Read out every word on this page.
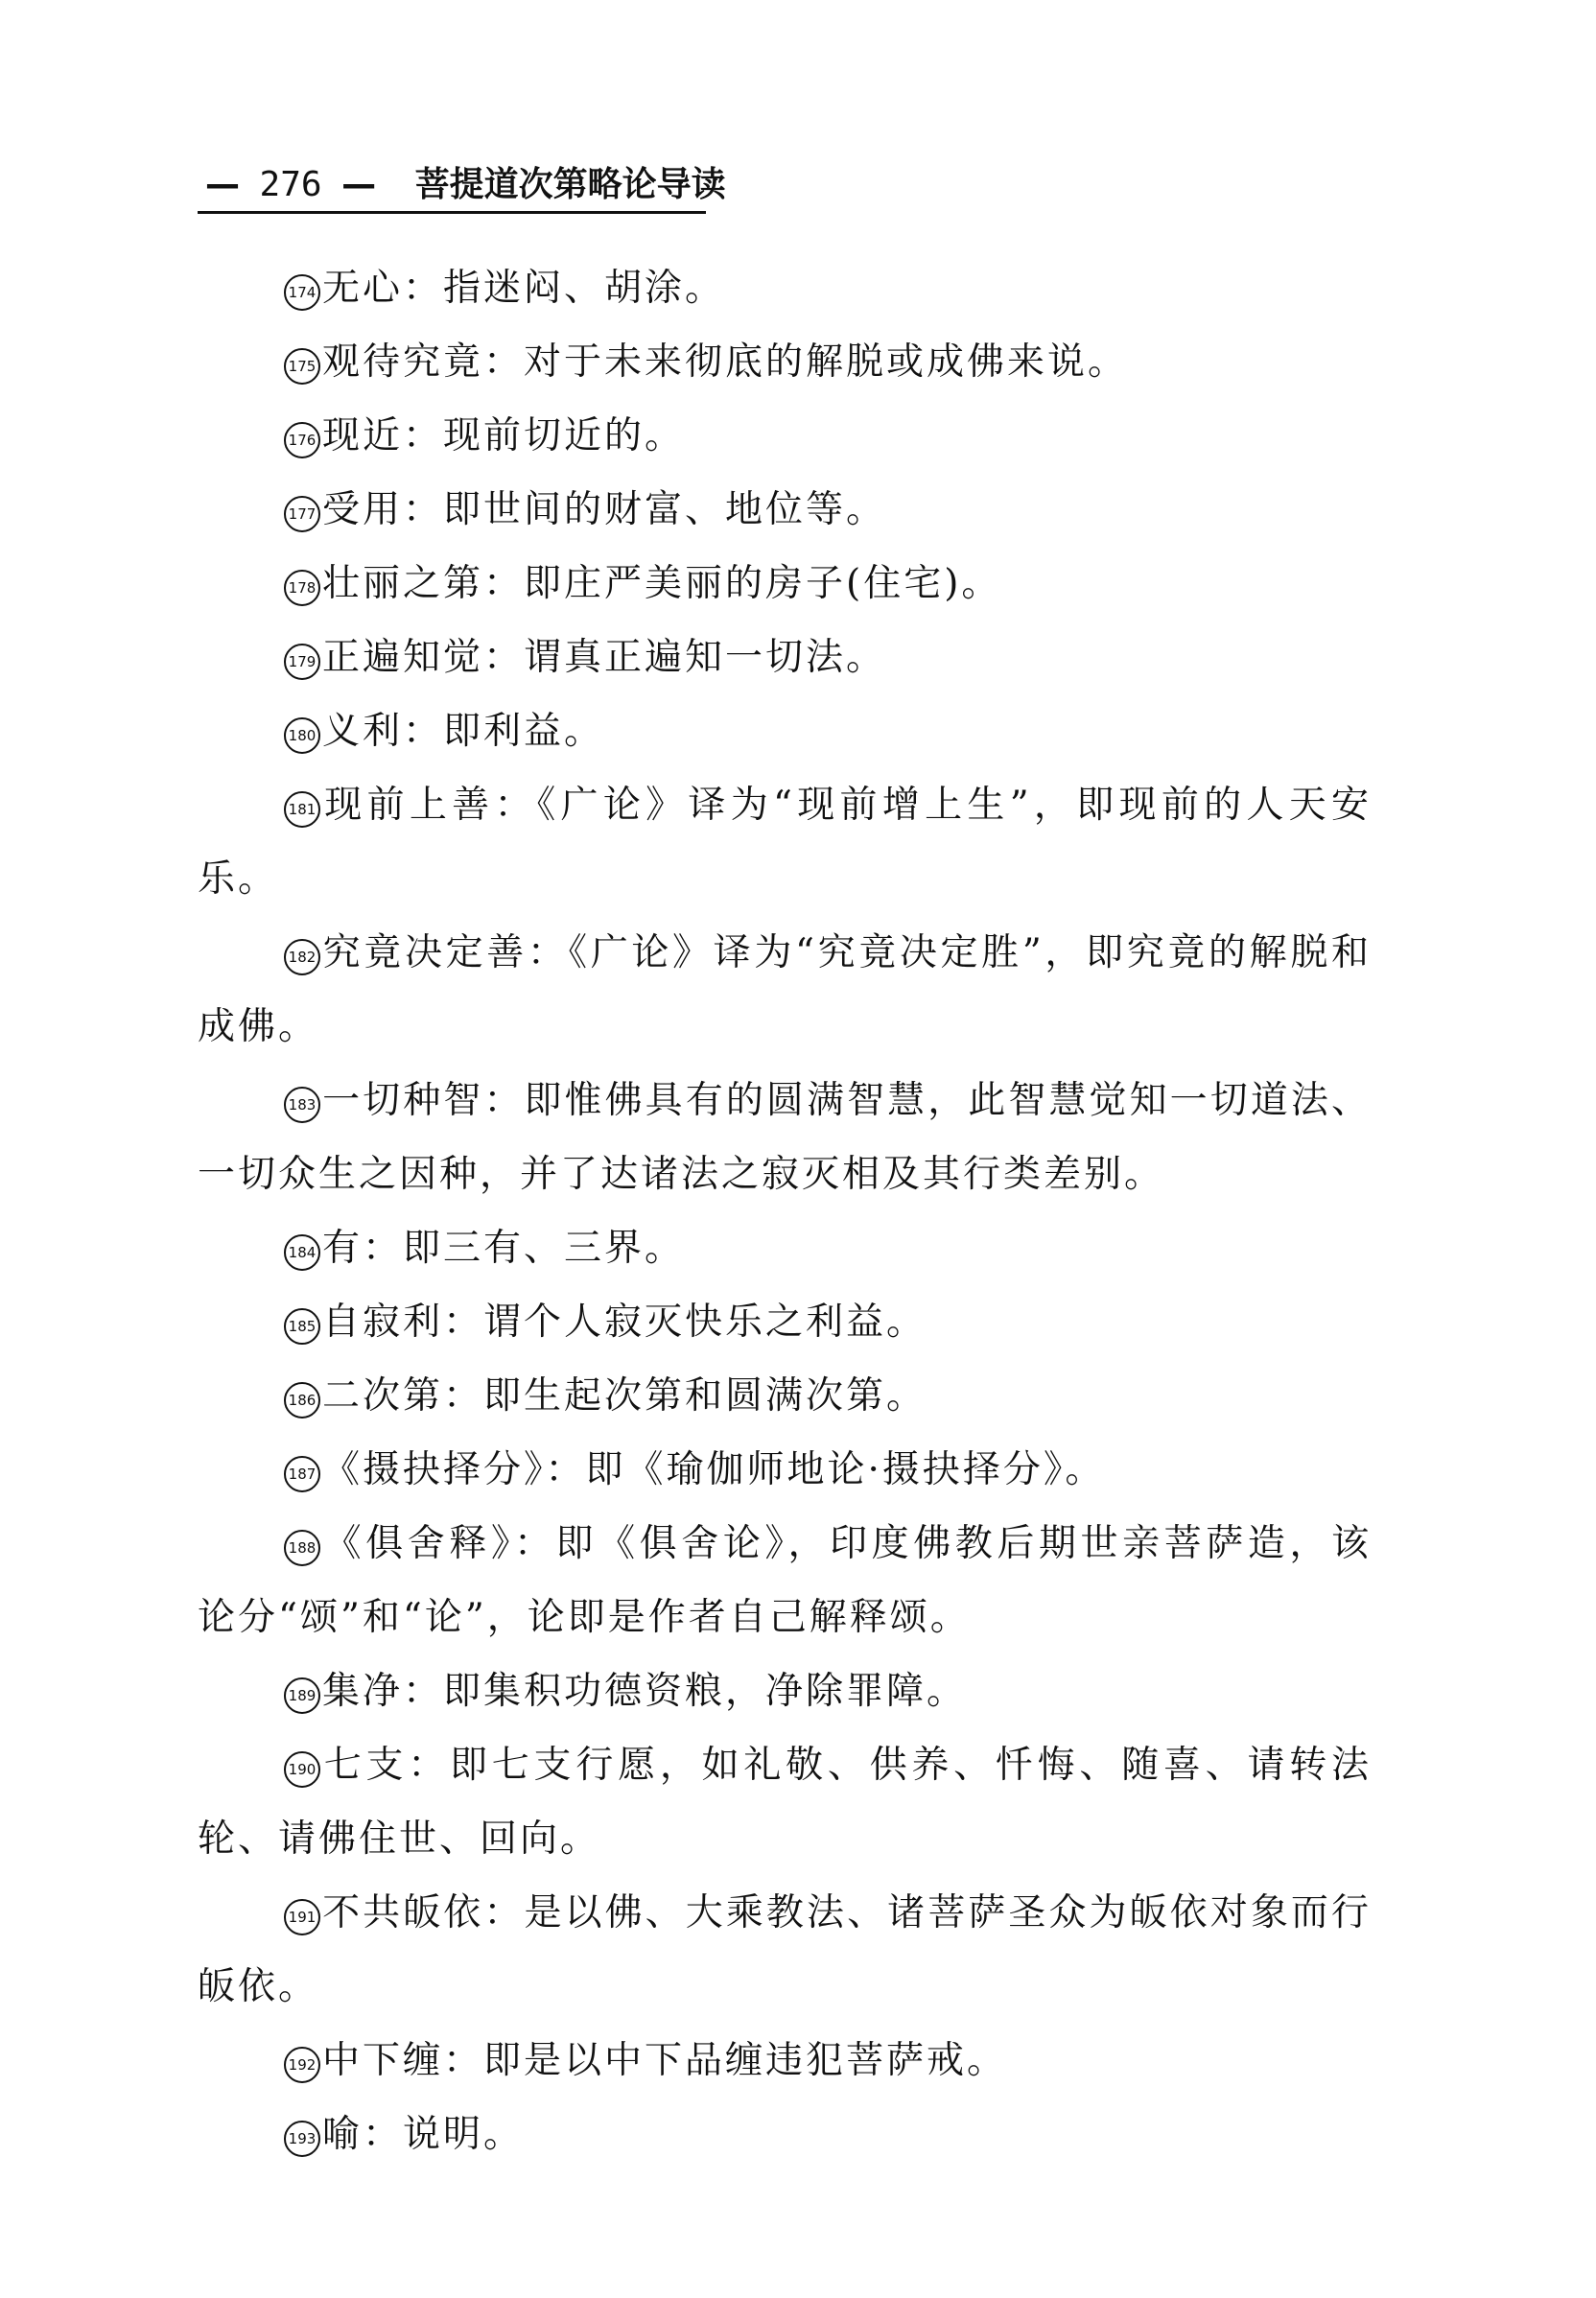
— 276 — 菩提道次第略论导读

174 无心：指迷闷、胡涂。

175 观待究竟：对于未来彻底的解脱或成佛来说。

176 现近：现前切近的。

177 受用：即世间的财富、地位等。

178 壮丽之第：即庄严美丽的房子(住宅)。

179 正遍知觉：谓真正遍知一切法。

180 义利：即利益。

181 现前上善：《广论》译为“现前增上生”，即现前的人天安乐。

182 究竟决定善：《广论》译为“究竟决定胜”，即究竟的解脱和成佛。

183 一切种智：即惟佛具有的圆满智慧，此智慧觉知一切道法、一切众生之因种，并了达诸法之寂灭相及其行类差别。

184 有：即三有、三界。

185 自寂利：谓个人寂灭快乐之利益。

186 二次第：即生起次第和圆满次第。

187 《摄抉择分》：即《瑜伽师地论·摄抉择分》。

188 《俱舍释》：即《俱舍论》，印度佛教后期世亲菩萨造，该论分“颂”和“论”，论即是作者自己解释颂。

189 集净：即集积功德资粮，净除罪障。

190 七支：即七支行愿，如礼敬、供养、忏悔、随喜、请转法轮、请佛住世、回向。

191 不共皈依：是以佛、大乘教法、诸菩萨圣众为皈依对象而行皈依。

192 中下缠：即是以中下品缠违犯菩萨戒。

193 喻：说明。
